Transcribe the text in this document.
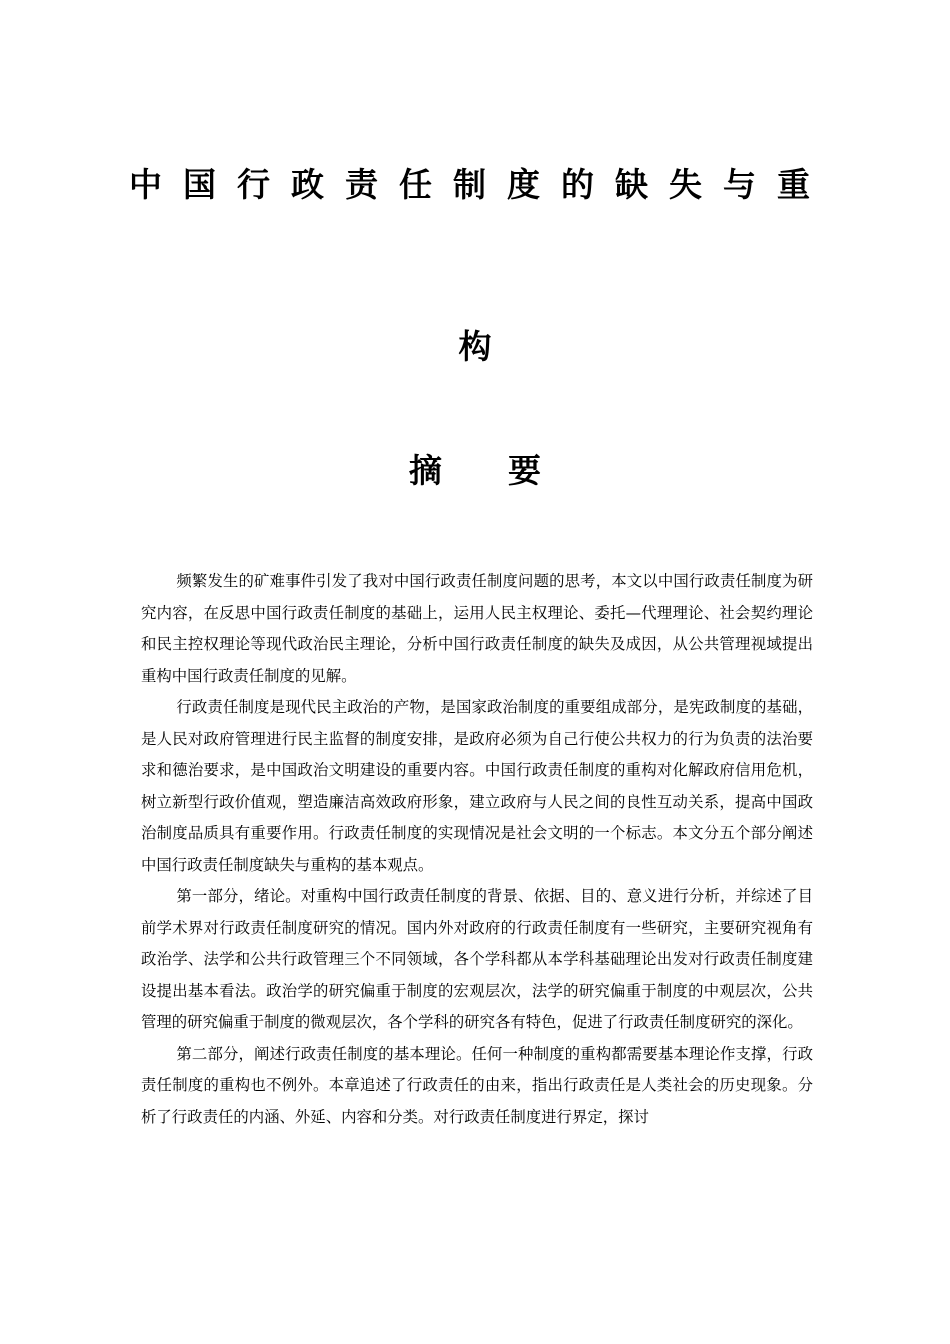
中国行政责任制度的缺失与重
构
摘 要

频繁发生的矿难事件引发了我对中国行政责任制度问题的思考，本文以中国行政责任制度为研究内容，在反思中国行政责任制度的基础上，运用人民主权理论、委托—代理理论、社会契约理论和民主控权理论等现代政治民主理论，分析中国行政责任制度的缺失及成因，从公共管理视域提出重构中国行政责任制度的见解。

行政责任制度是现代民主政治的产物，是国家政治制度的重要组成部分，是宪政制度的基础，是人民对政府管理进行民主监督的制度安排，是政府必须为自己行使公共权力的行为负责的法治要求和德治要求，是中国政治文明建设的重要内容。中国行政责任制度的重构对化解政府信用危机，树立新型行政价值观，塑造廉洁高效政府形象，建立政府与人民之间的良性互动关系，提高中国政治制度品质具有重要作用。行政责任制度的实现情况是社会文明的一个标志。本文分五个部分阐述中国行政责任制度缺失与重构的基本观点。

第一部分，绪论。对重构中国行政责任制度的背景、依据、目的、意义进行分析，并综述了目前学术界对行政责任制度研究的情况。国内外对政府的行政责任制度有一些研究，主要研究视角有政治学、法学和公共行政管理三个不同领域，各个学科都从本学科基础理论出发对行政责任制度建设提出基本看法。政治学的研究偏重于制度的宏观层次，法学的研究偏重于制度的中观层次，公共管理的研究偏重于制度的微观层次，各个学科的研究各有特色，促进了行政责任制度研究的深化。

第二部分，阐述行政责任制度的基本理论。任何一种制度的重构都需要基本理论作支撑，行政责任制度的重构也不例外。本章追述了行政责任的由来，指出行政责任是人类社会的历史现象。分析了行政责任的内涵、外延、内容和分类。对行政责任制度进行界定，探讨
